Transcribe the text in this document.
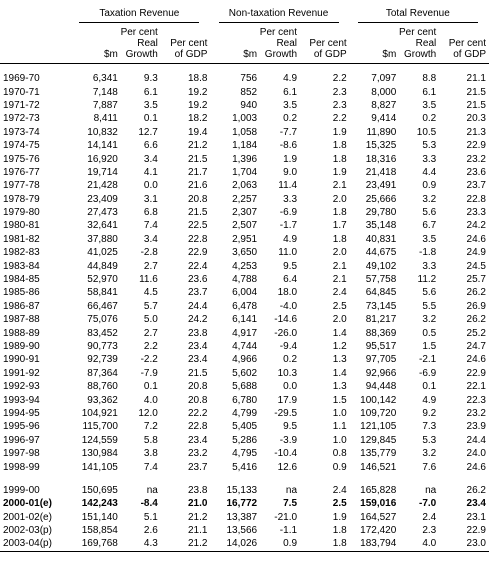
	Taxation Revenue			Non-taxation Revenue			Total Revenue		
	Per cent			Per cent			Per cent		
		Real	Per cent		Real	Per cent		Real	Per cent
	$m	Growth	of GDP	$m	Growth	of GDP	$m	Growth	of GDP

1969-70	6,341	9.3	18.8	756	4.9	2.2	7,097	8.8	21.1
1970-71	7,148	6.1	19.2	852	6.1	2.3	8,000	6.1	21.5
1971-72	7,887	3.5	19.2	940	3.5	2.3	8,827	3.5	21.5
1972-73	8,411	0.1	18.2	1,003	0.2	2.2	9,414	0.2	20.3
1973-74	10,832	12.7	19.4	1,058	-7.7	1.9	11,890	10.5	21.3
1974-75	14,141	6.6	21.2	1,184	-8.6	1.8	15,325	5.3	22.9
1975-76	16,920	3.4	21.5	1,396	1.9	1.8	18,316	3.3	23.2
1976-77	19,714	4.1	21.7	1,704	9.0	1.9	21,418	4.4	23.6
1977-78	21,428	0.0	21.6	2,063	11.4	2.1	23,491	0.9	23.7
1978-79	23,409	3.1	20.8	2,257	3.3	2.0	25,666	3.2	22.8
1979-80	27,473	6.8	21.5	2,307	-6.9	1.8	29,780	5.6	23.3
1980-81	32,641	7.4	22.5	2,507	-1.7	1.7	35,148	6.7	24.2
1981-82	37,880	3.4	22.8	2,951	4.9	1.8	40,831	3.5	24.6
1982-83	41,025	-2.8	22.9	3,650	11.0	2.0	44,675	-1.8	24.9
1983-84	44,849	2.7	22.4	4,253	9.5	2.1	49,102	3.3	24.5
1984-85	52,970	11.6	23.6	4,788	6.4	2.1	57,758	11.2	25.7
1985-86	58,841	4.5	23.7	6,004	18.0	2.4	64,845	5.6	26.2
1986-87	66,467	5.7	24.4	6,478	-4.0	2.5	73,145	5.5	26.9
1987-88	75,076	5.0	24.2	6,141	-14.6	2.0	81,217	3.2	26.2
1988-89	83,452	2.7	23.8	4,917	-26.0	1.4	88,369	0.5	25.2
1989-90	90,773	2.2	23.4	4,744	-9.4	1.2	95,517	1.5	24.7
1990-91	92,739	-2.2	23.4	4,966	0.2	1.3	97,705	-2.1	24.6
1991-92	87,364	-7.9	21.5	5,602	10.3	1.4	92,966	-6.9	22.9
1992-93	88,760	0.1	20.8	5,688	0.0	1.3	94,448	0.1	22.1
1993-94	93,362	4.0	20.8	6,780	17.9	1.5	100,142	4.9	22.3
1994-95	104,921	12.0	22.2	4,799	-29.5	1.0	109,720	9.2	23.2
1995-96	115,700	7.2	22.8	5,405	9.5	1.1	121,105	7.3	23.9
1996-97	124,559	5.8	23.4	5,286	-3.9	1.0	129,845	5.3	24.4
1997-98	130,984	3.8	23.2	4,795	-10.4	0.8	135,779	3.2	24.0
1998-99	141,105	7.4	23.7	5,416	12.6	0.9	146,521	7.6	24.6
1999-00	150,695	na	23.8	15,133	na	2.4	165,828	na	26.2
2000-01(e)	142,243	-8.4	21.0	16,772	7.5	2.5	159,016	-7.0	23.4
2001-02(e)	151,140	5.1	21.2	13,387	-21.0	1.9	164,527	2.4	23.1
2002-03(p)	158,854	2.6	21.1	13,566	-1.1	1.8	172,420	2.3	22.9
2003-04(p)	169,768	4.3	21.2	14,026	0.9	1.8	183,794	4.0	23.0
